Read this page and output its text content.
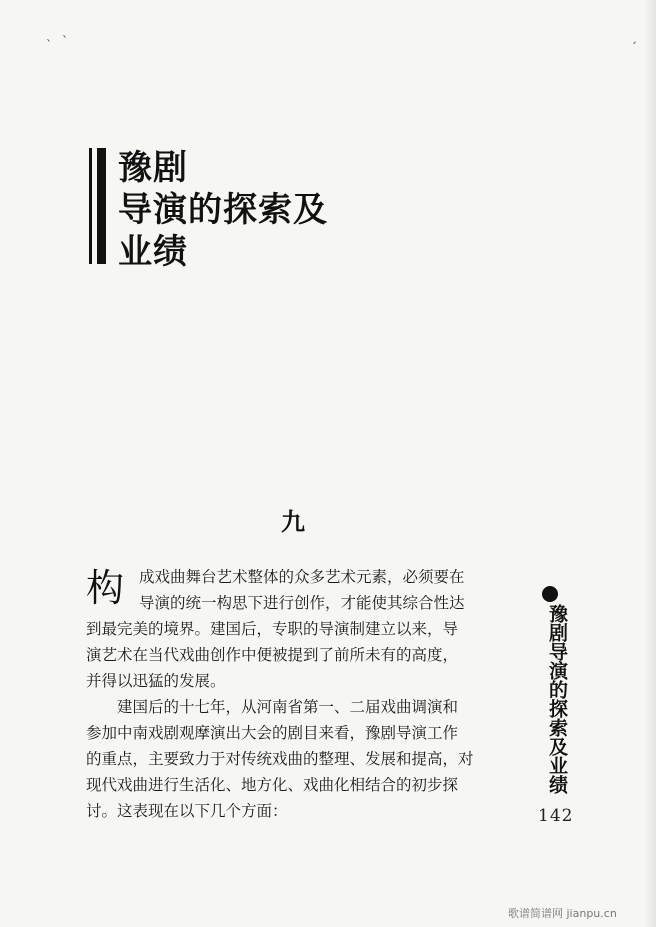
ˋ ˋ	ˏ
豫剧
导演的探索及
业绩
九
构 成戏曲舞台艺术整体的众多艺术元素，必须要在
导演的统一构思下进行创作，才能使其综合性达
到最完美的境界。建国后，专职的导演制建立以来，导
演艺术在当代戏曲创作中便被提到了前所未有的高度，
并得以迅猛的发展。
建国后的十七年，从河南省第一、二届戏曲调演和
参加中南戏剧观摩演出大会的剧目来看，豫剧导演工作
的重点，主要致力于对传统戏曲的整理、发展和提高，对
现代戏曲进行生活化、地方化、戏曲化相结合的初步探
讨。这表现在以下几个方面：
豫剧导演的探索及业绩
142
歌谱简谱网 jianpu.cn
